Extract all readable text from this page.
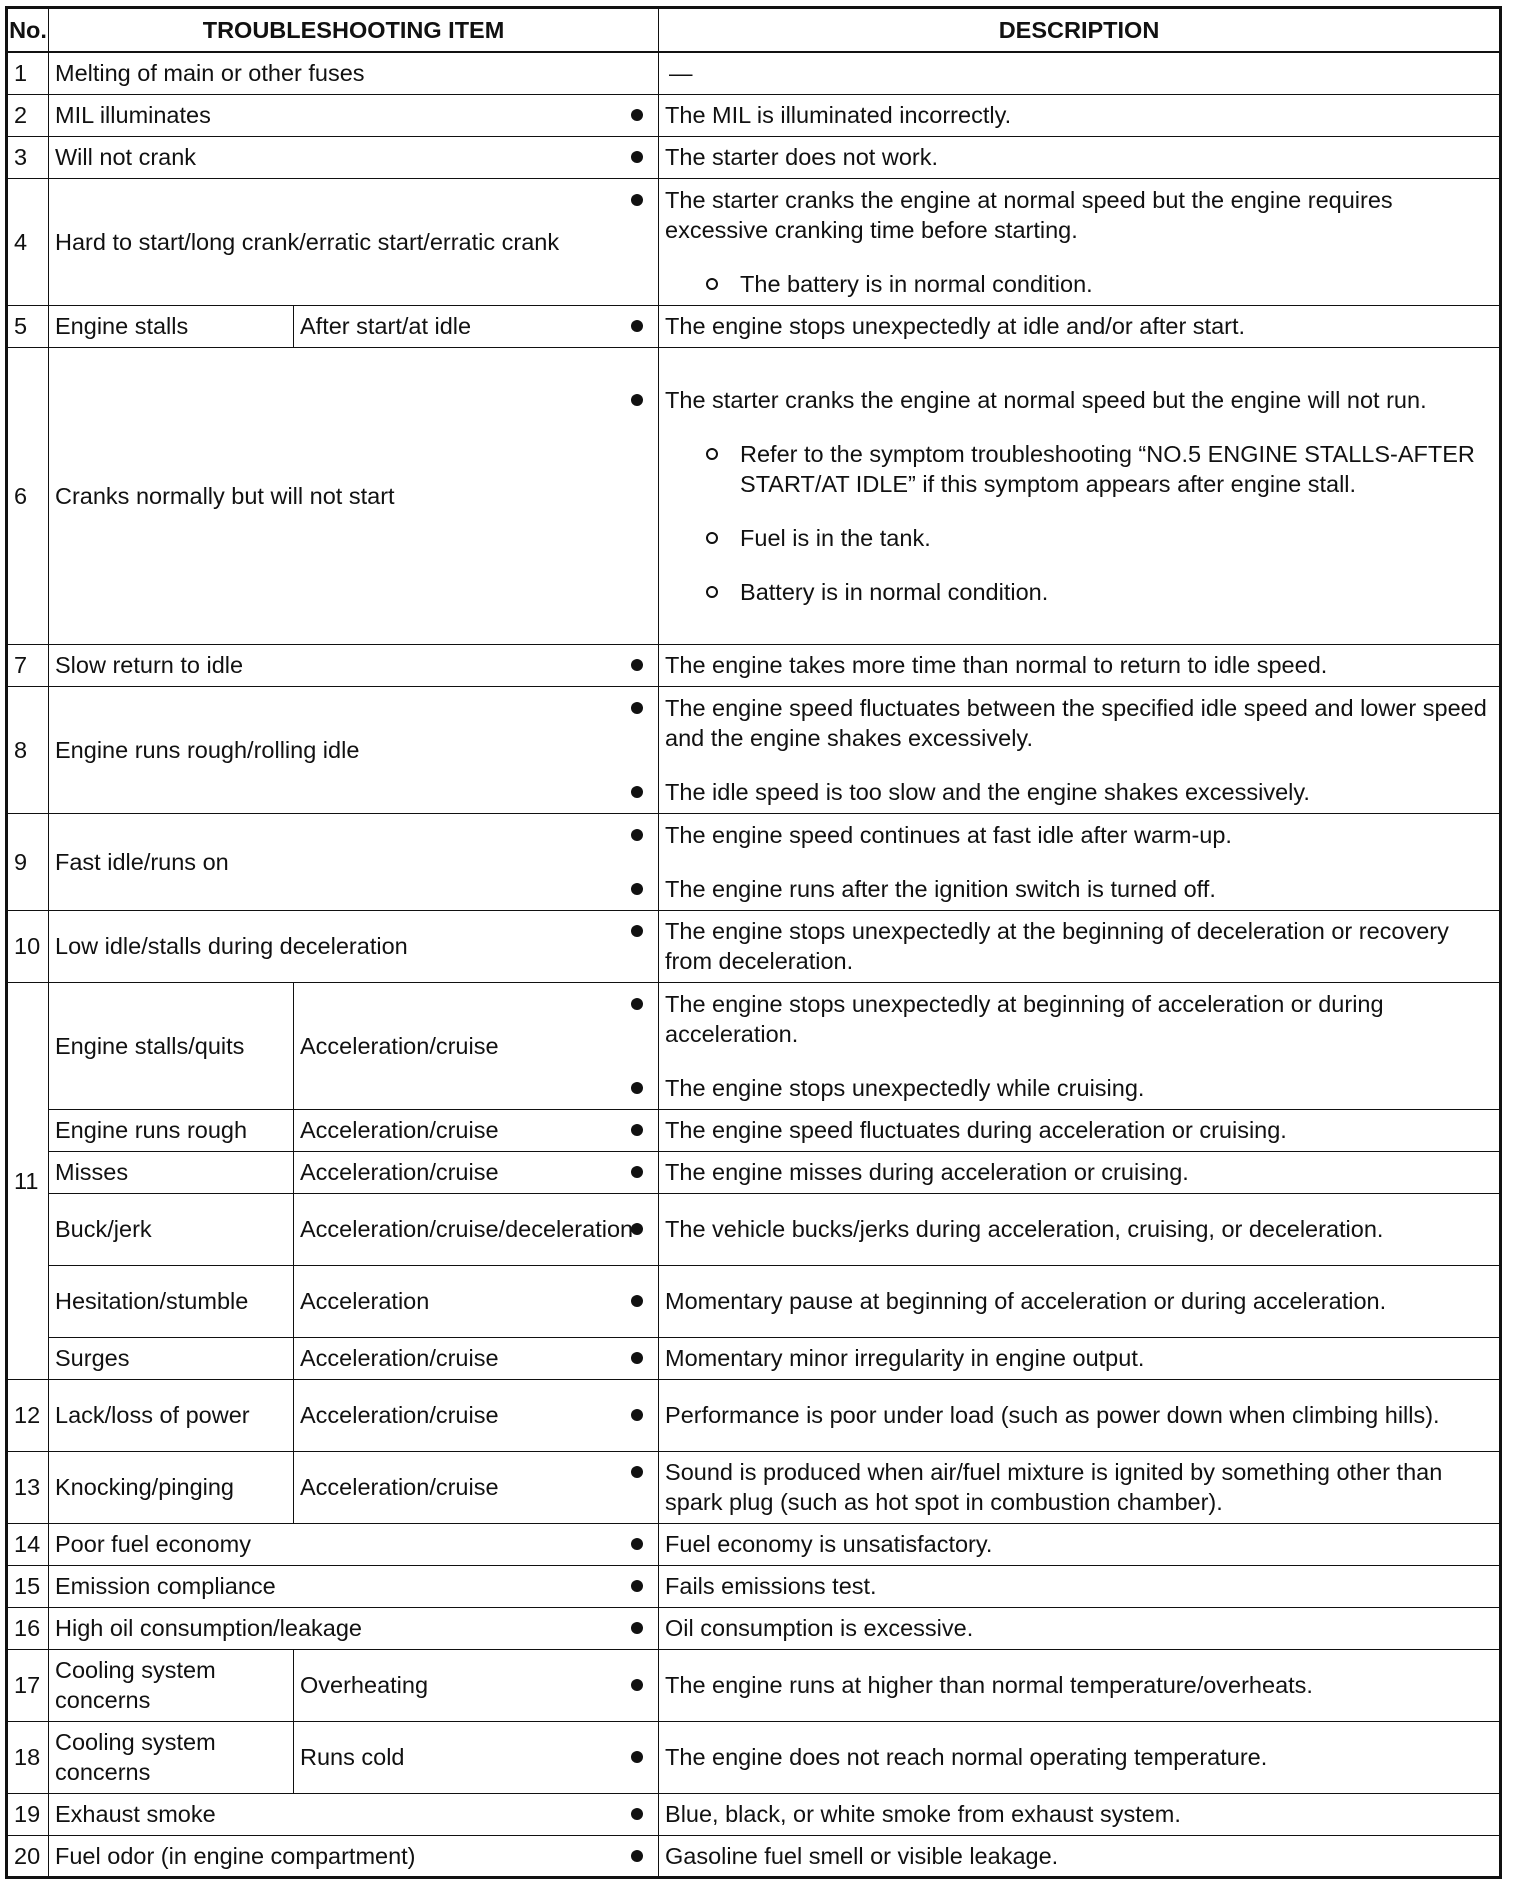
No.	TROUBLESHOOTING ITEM		DESCRIPTION
1	Melting of main or other fuses		—
2	MIL illuminates		The MIL is illuminated incorrectly.

3	Will not crank		The starter does not work.

4	Hard to start/long crank/erratic start/erratic crank		The starter cranks the engine at normal speed but the engine requires excessive cranking time before starting.
The battery is in normal condition.

5	Engine stalls	After start/at idle	The engine stops unexpectedly at idle and/or after start.

6	Cranks normally but will not start		The starter cranks the engine at normal speed but the engine will not run.
Refer to the symptom troubleshooting “NO.5 ENGINE STALLS-AFTER START/AT IDLE” if this symptom appears after engine stall.
Fuel is in the tank.
Battery is in normal condition.

7	Slow return to idle		The engine takes more time than normal to return to idle speed.

8	Engine runs rough/rolling idle		The engine speed fluctuates between the specified idle speed and lower speed and the engine shakes excessively.
The idle speed is too slow and the engine shakes excessively.

9	Fast idle/runs on		The engine speed continues at fast idle after warm-up.
The engine runs after the ignition switch is turned off.

10	Low idle/stalls during deceleration		The engine stops unexpectedly at the beginning of deceleration or recovery from deceleration.

11	Engine stalls/quits	Acceleration/cruise	The engine stops unexpectedly at beginning of acceleration or during acceleration.
The engine stops unexpectedly while cruising.

	Engine runs rough	Acceleration/cruise	The engine speed fluctuates during acceleration or cruising.

	Misses	Acceleration/cruise	The engine misses during acceleration or cruising.

	Buck/jerk	Acceleration/cruise/deceleration	The vehicle bucks/jerks during acceleration, cruising, or deceleration.

	Hesitation/stumble	Acceleration	Momentary pause at beginning of acceleration or during acceleration.

	Surges	Acceleration/cruise	Momentary minor irregularity in engine output.

12	Lack/loss of power	Acceleration/cruise	Performance is poor under load (such as power down when climbing hills).

13	Knocking/pinging	Acceleration/cruise	Sound is produced when air/fuel mixture is ignited by something other than spark plug (such as hot spot in combustion chamber).

14	Poor fuel economy		Fuel economy is unsatisfactory.

15	Emission compliance		Fails emissions test.

16	High oil consumption/leakage		Oil consumption is excessive.

17	Cooling system concerns	Overheating	The engine runs at higher than normal temperature/overheats.

18	Cooling system concerns	Runs cold	The engine does not reach normal operating temperature.

19	Exhaust smoke		Blue, black, or white smoke from exhaust system.

20	Fuel odor (in engine compartment)		Gasoline fuel smell or visible leakage.
